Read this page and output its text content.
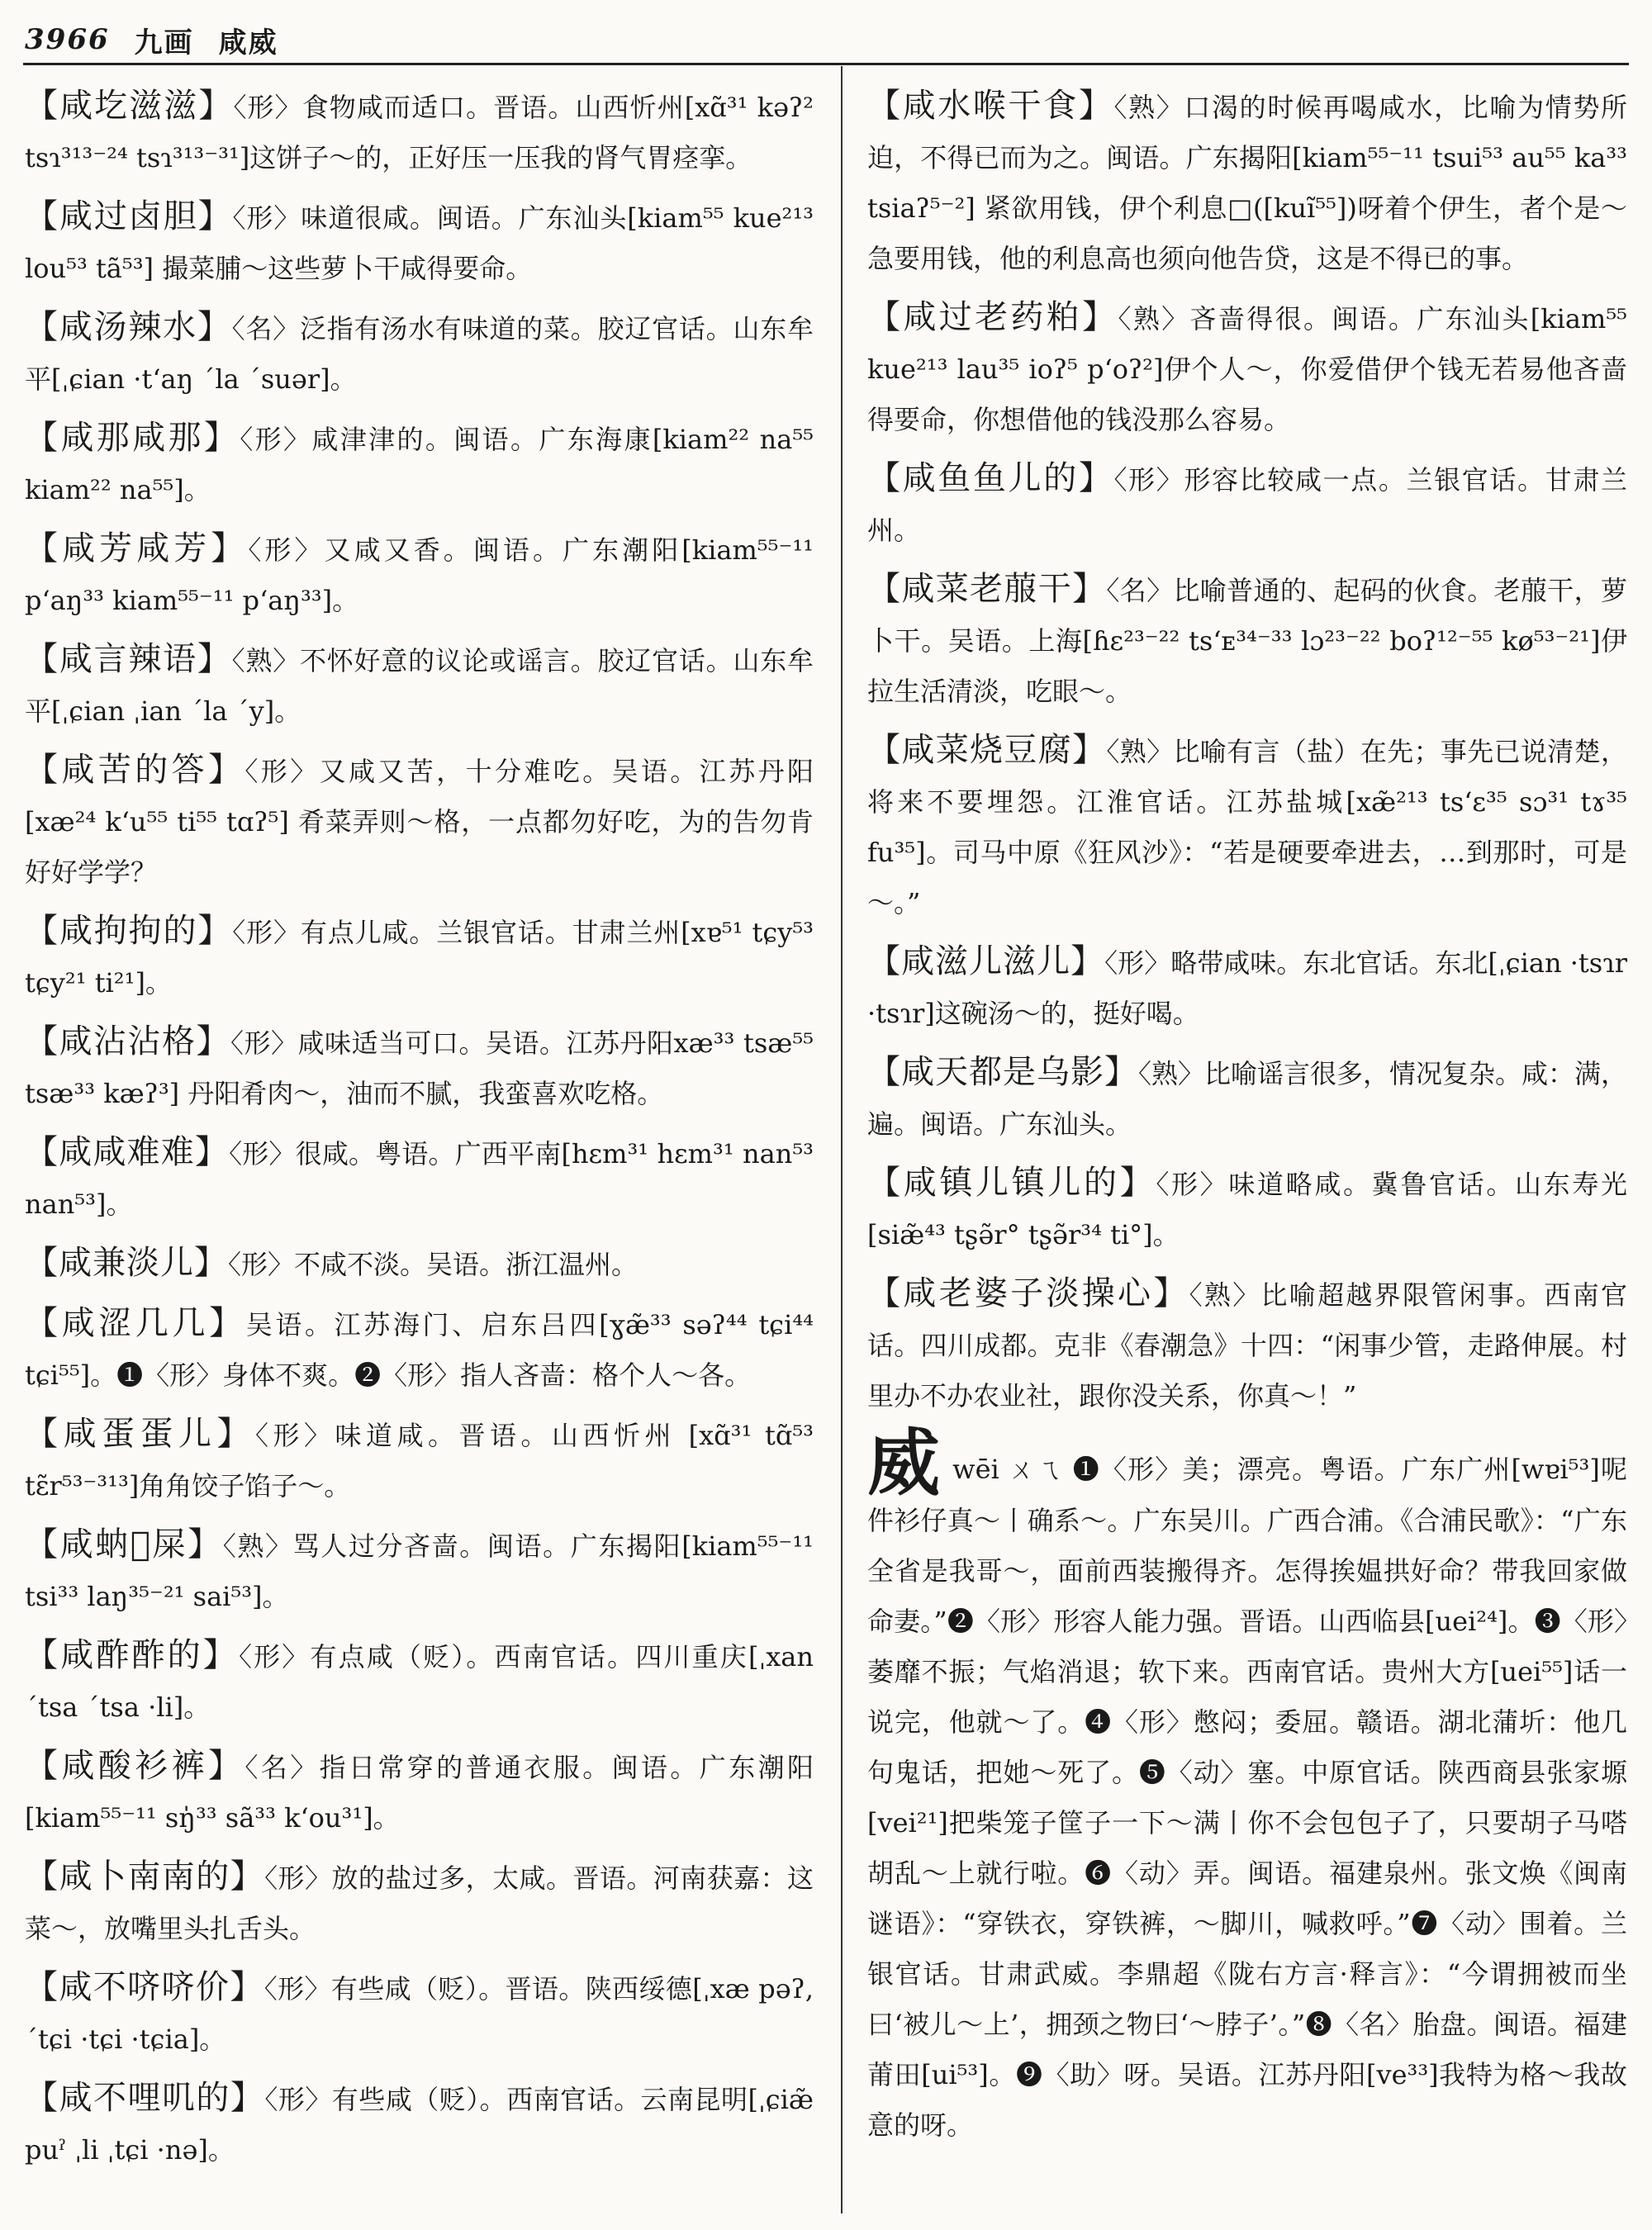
3966 九画 咸威
【咸圪滋滋】〈形〉食物咸而适口。晋语。山西忻州[xɑ̃³¹ kəʔ² tsɿ³¹³⁻²⁴ tsɿ³¹³⁻³¹]这饼子～的，正好压一压我的肾气胃痉挛。
【咸过卤胆】〈形〉味道很咸。闽语。广东汕头[kiam⁵⁵ kue²¹³ lou⁵³ tã⁵³] 撮菜脯～这些萝卜干咸得要命。
【咸汤辣水】〈名〉泛指有汤水有味道的菜。胶辽官话。山东牟平[ˌɕian ·tʻaŋ ˊla ˊsuər]。
【咸那咸那】〈形〉咸津津的。闽语。广东海康[kiam²² na⁵⁵ kiam²² na⁵⁵]。
【咸芳咸芳】〈形〉又咸又香。闽语。广东潮阳[kiam⁵⁵⁻¹¹ pʻaŋ³³ kiam⁵⁵⁻¹¹ pʻaŋ³³]。
【咸言辣语】〈熟〉不怀好意的议论或谣言。胶辽官话。山东牟平[ˌɕian ˌian ˊla ˊy]。
【咸苦的答】〈形〉又咸又苦，十分难吃。吴语。江苏丹阳[xæ²⁴ kʻu⁵⁵ ti⁵⁵ tɑʔ⁵] 肴菜弄则～格，一点都勿好吃，为的告勿肯好好学学？
【咸拘拘的】〈形〉有点儿咸。兰银官话。甘肃兰州[xɐ⁵¹ tɕy⁵³ tɕy²¹ ti²¹]。
【咸沾沾格】〈形〉咸味适当可口。吴语。江苏丹阳xæ³³ tsæ⁵⁵ tsæ³³ kæʔ³] 丹阳肴肉～，油而不腻，我蛮喜欢吃格。
【咸咸难难】〈形〉很咸。粤语。广西平南[hɛm³¹ hɛm³¹ nan⁵³ nan⁵³]。
【咸兼淡儿】〈形〉不咸不淡。吴语。浙江温州。
【咸涩几几】吴语。江苏海门、启东吕四[ɣæ̃³³ səʔ⁴⁴ tɕi⁴⁴ tɕi⁵⁵]。❶〈形〉身体不爽。❷〈形〉指人吝啬：格个人～各。
【咸蛋蛋儿】〈形〉味道咸。晋语。山西忻州 [xɑ̃³¹ tɑ̃⁵³ tɛ̃r⁵³⁻³¹³]角角饺子馅子～。
【咸蚋𧎒屎】〈熟〉骂人过分吝啬。闽语。广东揭阳[kiam⁵⁵⁻¹¹ tsi³³ laŋ³⁵⁻²¹ sai⁵³]。
【咸酢酢的】〈形〉有点咸（贬）。西南官话。四川重庆[ˌxan ˊtsa ˊtsa ·li]。
【咸酸衫裤】〈名〉指日常穿的普通衣服。闽语。广东潮阳[kiam⁵⁵⁻¹¹ sŋ̍³³ sã³³ kʻou³¹]。
【咸卜南南的】〈形〉放的盐过多，太咸。晋语。河南获嘉：这菜～，放嘴里头扎舌头。
【咸不哜哜价】〈形〉有些咸（贬）。晋语。陕西绥德[ˌxæ pəʔ, ˊtɕi ·tɕi ·tɕia]。
【咸不哩叽的】〈形〉有些咸（贬）。西南官话。云南昆明[ˌɕiæ̃ puˀ ˌli ˌtɕi ·nə]。
【咸水喉干食】〈熟〉口渴的时候再喝咸水，比喻为情势所迫，不得已而为之。闽语。广东揭阳[kiam⁵⁵⁻¹¹ tsui⁵³ au⁵⁵ ka³³ tsiaʔ⁵⁻²] 紧欲用钱，伊个利息□([kuĩ⁵⁵])呀着个伊生，者个是～急要用钱，他的利息高也须向他告贷，这是不得已的事。
【咸过老药粕】〈熟〉吝啬得很。闽语。广东汕头[kiam⁵⁵ kue²¹³ lau³⁵ ioʔ⁵ pʻoʔ²]伊个人～，你爱借伊个钱无若易他吝啬得要命，你想借他的钱没那么容易。
【咸鱼鱼儿的】〈形〉形容比较咸一点。兰银官话。甘肃兰州。
【咸菜老菔干】〈名〉比喻普通的、起码的伙食。老菔干，萝卜干。吴语。上海[ɦɛ²³⁻²² tsʻᴇ³⁴⁻³³ lɔ²³⁻²² boʔ¹²⁻⁵⁵ kø⁵³⁻²¹]伊拉生活清淡，吃眼～。
【咸菜烧豆腐】〈熟〉比喻有言（盐）在先；事先已说清楚，将来不要埋怨。江淮官话。江苏盐城[xæ̃²¹³ tsʻɛ³⁵ sɔ³¹ tɤ³⁵ fu³⁵]。司马中原《狂风沙》：“若是硬要牵进去，…到那时，可是～。”
【咸滋儿滋儿】〈形〉略带咸味。东北官话。东北[ˌɕian ·tsɿr ·tsɿr]这碗汤～的，挺好喝。
【咸天都是乌影】〈熟〉比喻谣言很多，情况复杂。咸：满，遍。闽语。广东汕头。
【咸镇儿镇儿的】〈形〉味道略咸。冀鲁官话。山东寿光[siæ̃⁴³ tʂə̃r° tʂə̃r³⁴ ti°]。
【咸老婆子淡操心】〈熟〉比喻超越界限管闲事。西南官话。四川成都。克非《春潮急》十四：“闲事少管，走路伸展。村里办不办农业社，跟你没关系，你真～！”
威wēi ㄨㄟ ❶〈形〉美；漂亮。粤语。广东广州[wɐi⁵³]呢件衫仔真～丨确系～。广东吴川。广西合浦。《合浦民歌》：“广东全省是我哥～，面前西装搬得齐。怎得挨媪拱好命？带我回家做命妻。”❷〈形〉形容人能力强。晋语。山西临县[uei²⁴]。❸〈形〉萎靡不振；气焰消退；软下来。西南官话。贵州大方[uei⁵⁵]话一说完，他就～了。❹〈形〉憋闷；委屈。赣语。湖北蒲圻：他几句鬼话，把她～死了。❺〈动〉塞。中原官话。陕西商县张家塬[vei²¹]把柴笼子筐子一下～满丨你不会包包子了，只要胡子马嗒胡乱～上就行啦。❻〈动〉弄。闽语。福建泉州。张文焕《闽南谜语》：“穿铁衣，穿铁裤，～脚川，喊救呼。”❼〈动〉围着。兰银官话。甘肃武威。李鼎超《陇右方言·释言》：“今谓拥被而坐曰‘被儿～上’，拥颈之物曰‘～脖子’。”❽〈名〉胎盘。闽语。福建莆田[ui⁵³]。❾〈助〉呀。吴语。江苏丹阳[ve³³]我特为格～我故意的呀。
